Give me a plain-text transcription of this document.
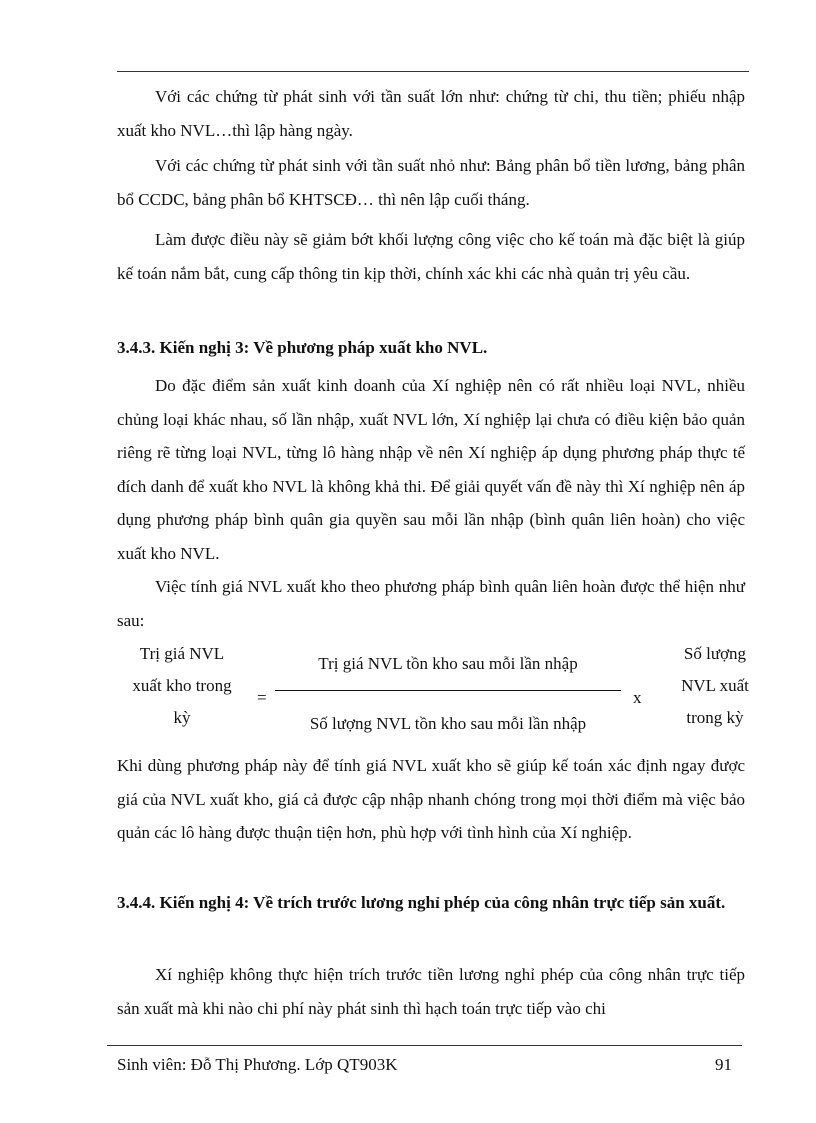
Với các chứng từ phát sinh với tần suất lớn như: chứng từ chi, thu tiền; phiếu nhập xuất kho NVL…thì lập hàng ngày.

Với các chứng từ phát sinh với tần suất nhỏ như: Bảng phân bổ tiền lương, bảng phân bổ CCDC, bảng phân bổ KHTSCĐ… thì nên lập cuối tháng.

Làm được điều này sẽ giảm bớt khối lượng công việc cho kế toán mà đặc biệt là giúp kế toán nắm bắt, cung cấp thông tin kịp thời, chính xác khi các nhà quản trị yêu cầu.

3.4.3. Kiến nghị 3: Về phương pháp xuất kho NVL.

Do đặc điểm sản xuất kinh doanh của Xí nghiệp nên có rất nhiều loại NVL, nhiều chủng loại khác nhau, số lần nhập, xuất NVL lớn, Xí nghiệp lại chưa có điều kiện bảo quản riêng rẽ từng loại NVL, từng lô hàng nhập về nên Xí nghiệp áp dụng phương pháp thực tế đích danh để xuất kho NVL là không khả thi. Để giải quyết vấn đề này thì Xí nghiệp nên áp dụng phương pháp bình quân gia quyền sau mỗi lần nhập (bình quân liên hoàn) cho việc xuất kho NVL.

Việc tính giá NVL xuất kho theo phương pháp bình quân liên hoàn được thể hiện như sau:

Trị giá NVL
xuất kho trong
kỳ
=
Trị giá NVL tồn kho sau mỗi lần nhập
Số lượng NVL tồn kho sau mỗi lần nhập
x
Số lượng
NVL xuất
trong kỳ

Khi dùng phương pháp này để tính giá NVL xuất kho sẽ giúp kế toán xác định ngay được giá của NVL xuất kho, giá cả được cập nhập nhanh chóng trong mọi thời điểm mà việc bảo quản các lô hàng được thuận tiện hơn, phù hợp với tình hình của Xí nghiệp.

3.4.4. Kiến nghị 4: Về trích trước lương nghỉ phép của công nhân trực tiếp sản xuất.

Xí nghiệp không thực hiện trích trước tiền lương nghỉ phép của công nhân trực tiếp sản xuất mà khi nào chi phí này phát sinh thì hạch toán trực tiếp vào chi

Sinh viên: Đỗ Thị Phương. Lớp QT903K	91
